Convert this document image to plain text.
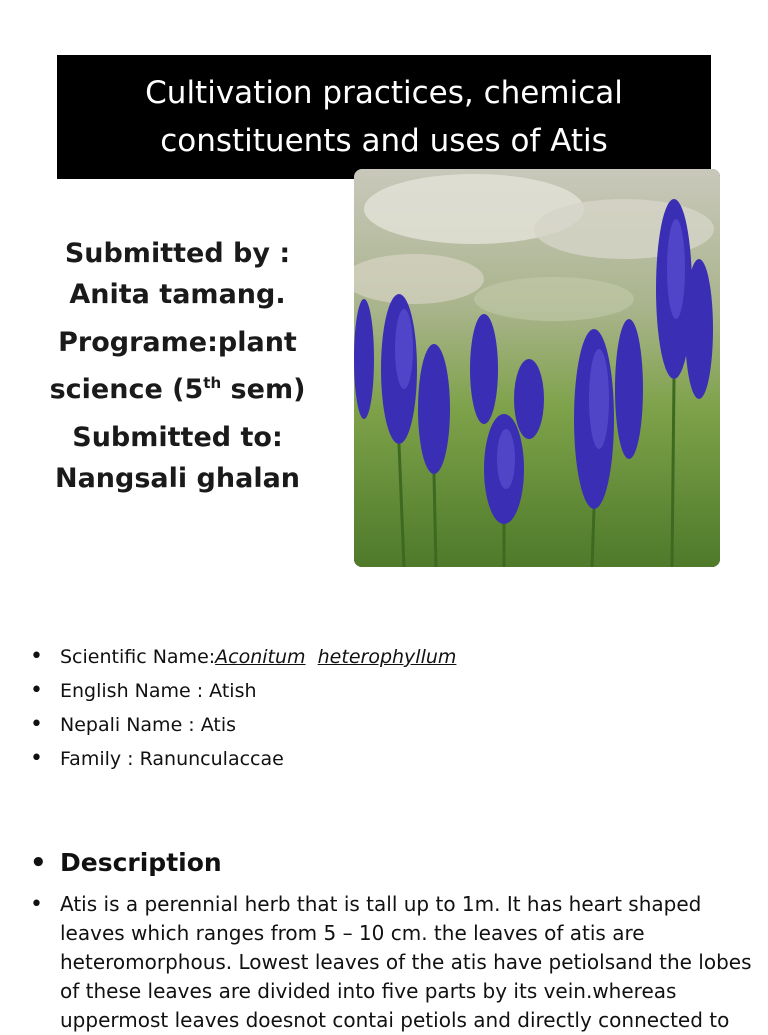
Cultivation practices, chemical
constituents and uses of Atis

Submitted by : Anita tamang.

Programe:plant science (5th sem)

Submitted to:
Nangsali ghalan

• Scientific Name:Aconitum heterophyllum
• English Name : Atish
• Nepali Name : Atis
• Family : Ranunculaccae
• Description
• Atis is a perennial herb that is tall up to 1m. It has heart shaped leaves which ranges from 5 – 10 cm. the leaves of atis are heteromorphous. Lowest leaves of the atis have petiolsand the lobes of these leaves are divided into five parts by its vein.whereas uppermost leaves doesnot contai petiols and directly connected to
